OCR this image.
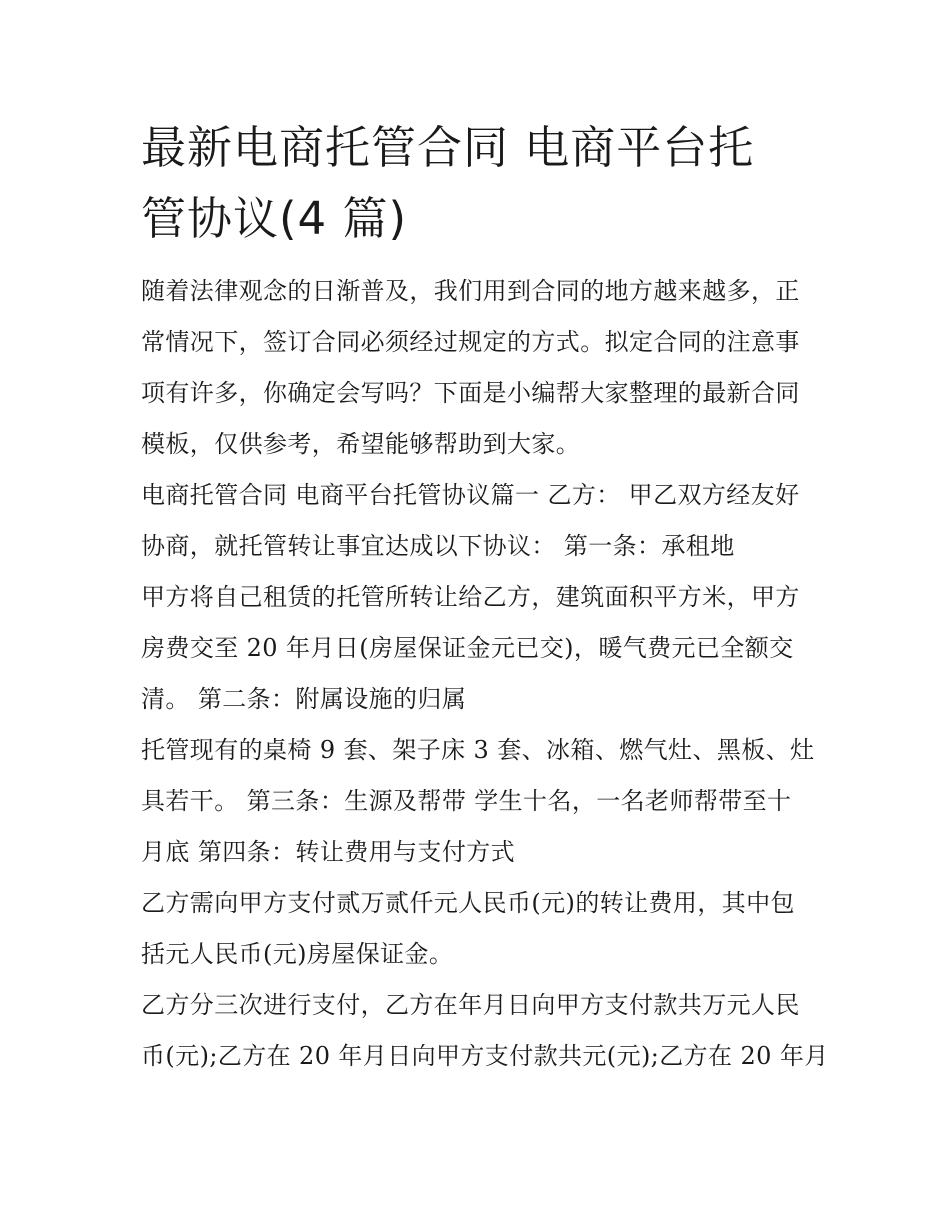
最新电商托管合同 电商平台托
管协议(4 篇)

随着法律观念的日渐普及，我们用到合同的地方越来越多，正
常情况下，签订合同必须经过规定的方式。拟定合同的注意事
项有许多，你确定会写吗？下面是小编帮大家整理的最新合同
模板，仅供参考，希望能够帮助到大家。

电商托管合同 电商平台托管协议篇一 乙方： 甲乙双方经友好
协商，就托管转让事宜达成以下协议： 第一条：承租地

甲方将自己租赁的托管所转让给乙方，建筑面积平方米，甲方
房费交至 20 年月日(房屋保证金元已交)，暖气费元已全额交
清。 第二条：附属设施的归属

托管现有的桌椅 9 套、架子床 3 套、冰箱、燃气灶、黑板、灶
具若干。 第三条：生源及帮带 学生十名，一名老师帮带至十
月底 第四条：转让费用与支付方式

乙方需向甲方支付贰万贰仟元人民币(元)的转让费用，其中包
括元人民币(元)房屋保证金。

乙方分三次进行支付，乙方在年月日向甲方支付款共万元人民
币(元);乙方在 20 年月日向甲方支付款共元(元);乙方在 20 年月
